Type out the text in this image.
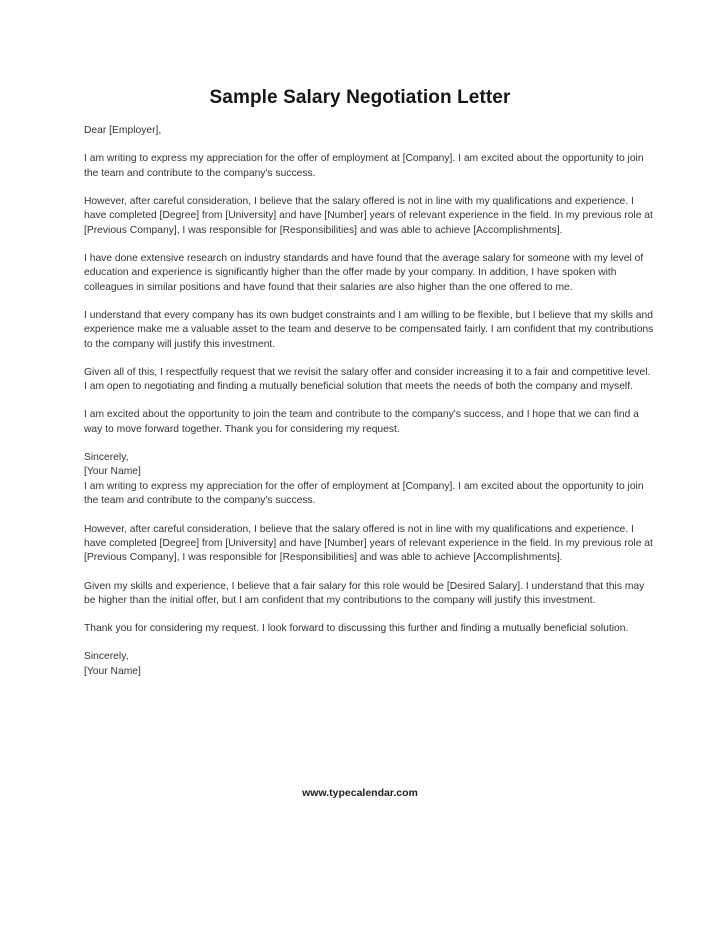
Sample Salary Negotiation Letter

Dear [Employer],

I am writing to express my appreciation for the offer of employment at [Company]. I am excited about the opportunity to join the team and contribute to the company's success.

However, after careful consideration, I believe that the salary offered is not in line with my qualifications and experience. I have completed [Degree] from [University] and have [Number] years of relevant experience in the field. In my previous role at [Previous Company], I was responsible for [Responsibilities] and was able to achieve [Accomplishments].

I have done extensive research on industry standards and have found that the average salary for someone with my level of education and experience is significantly higher than the offer made by your company. In addition, I have spoken with colleagues in similar positions and have found that their salaries are also higher than the one offered to me.

I understand that every company has its own budget constraints and I am willing to be flexible, but I believe that my skills and experience make me a valuable asset to the team and deserve to be compensated fairly. I am confident that my contributions to the company will justify this investment.

Given all of this, I respectfully request that we revisit the salary offer and consider increasing it to a fair and competitive level. I am open to negotiating and finding a mutually beneficial solution that meets the needs of both the company and myself.

I am excited about the opportunity to join the team and contribute to the company's success, and I hope that we can find a way to move forward together. Thank you for considering my request.

Sincerely,

[Your Name]

I am writing to express my appreciation for the offer of employment at [Company]. I am excited about the opportunity to join the team and contribute to the company's success.

However, after careful consideration, I believe that the salary offered is not in line with my qualifications and experience. I have completed [Degree] from [University] and have [Number] years of relevant experience in the field. In my previous role at [Previous Company], I was responsible for [Responsibilities] and was able to achieve [Accomplishments].

Given my skills and experience, I believe that a fair salary for this role would be [Desired Salary]. I understand that this may be higher than the initial offer, but I am confident that my contributions to the company will justify this investment.

Thank you for considering my request. I look forward to discussing this further and finding a mutually beneficial solution.

Sincerely,

[Your Name]

www.typecalendar.com
